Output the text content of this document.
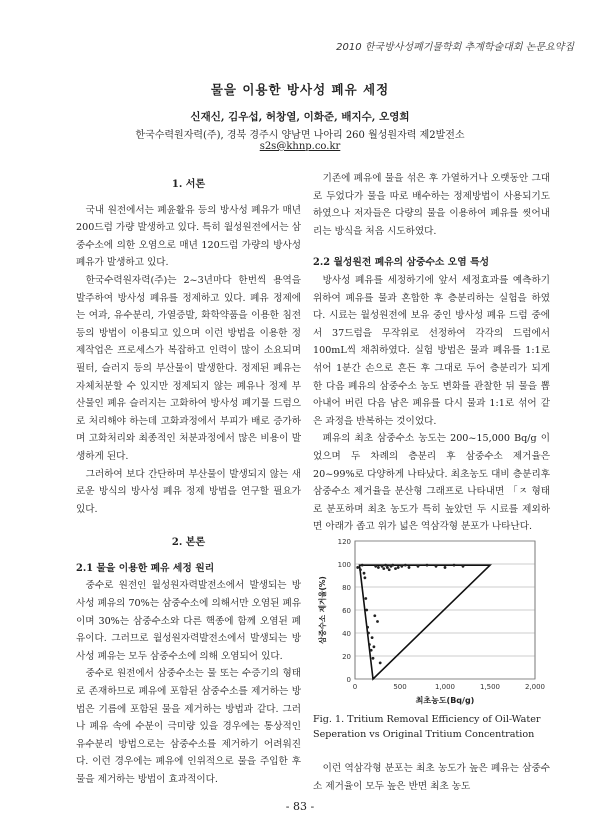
2010 한국방사성폐기물학회 추계학술대회 논문요약집
물을 이용한 방사성 폐유 세정
신재신, 김우섭, 허창열, 이화준, 배지수, 오영희
한국수력원자력(주), 경북 경주시 양남면 나아리 260 월성원자력 제2발전소
s2s@khnp.co.kr
1. 서론

국내 원전에서는 폐윤활유 등의 방사성 폐유가 매년 200드럼 가량 발생하고 있다. 특히 월성원전에서는 삼중수소에 의한 오염으로 매년 120드럼 가량의 방사성 폐유가 발생하고 있다.

한국수력원자력(주)는 2~3년마다 한번씩 용역을 발주하여 방사성 폐유를 정제하고 있다. 폐유 정제에는 여과, 유수분리, 가열증발, 화학약품을 이용한 침전 등의 방법이 이용되고 있으며 이런 방법을 이용한 정제작업은 프로세스가 복잡하고 인력이 많이 소요되며 필터, 슬러지 등의 부산물이 발생한다. 정제된 폐유는 자체처분할 수 있지만 정제되지 않는 폐유나 정제 부산물인 폐유 슬러지는 고화하여 방사성 폐기물 드럼으로 처리해야 하는데 고화과정에서 부피가 배로 증가하며 고화처리와 최종적인 처분과정에서 많은 비용이 발생하게 된다.

그러하여 보다 간단하며 부산물이 발생되지 않는 새로운 방식의 방사성 폐유 정제 방법을 연구할 필요가 있다.

2. 본론
2.1 물을 이용한 폐유 세정 원리

중수로 원전인 월성원자력발전소에서 발생되는 방사성 폐유의 70%는 삼중수소에 의해서만 오염된 폐유이며 30%는 삼중수소와 다른 핵종에 함께 오염된 폐유이다. 그러므로 월성원자력발전소에서 발생되는 방사성 폐유는 모두 삼중수소에 의해 오염되어 있다.

중수로 원전에서 삼중수소는 물 또는 수증기의 형태로 존재하므로 폐유에 포함된 삼중수소를 제거하는 방법은 기름에 포함된 물을 제거하는 방법과 같다. 그러나 폐유 속에 수분이 극미량 있을 경우에는 통상적인 유수분리 방법으로는 삼중수소를 제거하기 어려워진다. 이런 경우에는 폐유에 인위적으로 물을 주입한 후 물을 제거하는 방법이 효과적이다.

기존에 폐유에 물을 섞은 후 가열하거나 오랫동안 그대로 두었다가 물을 따로 배수하는 정제방법이 사용되기도 하였으나 저자들은 다량의 물을 이용하여 폐유를 씻어내리는 방식을 처음 시도하였다.

2.2 월성원전 폐유의 삼중수소 오염 특성

방사성 폐유를 세정하기에 앞서 세정효과를 예측하기 위하여 폐유를 물과 혼합한 후 층분리하는 실험을 하였다. 시료는 월성원전에 보유 중인 방사성 폐유 드럼 중에서 37드럼을 무작위로 선정하여 각각의 드럼에서 100mL씩 채취하였다. 실험 방법은 물과 폐유를 1:1로 섞어 1분간 손으로 흔든 후 그대로 두어 층분리가 되게 한 다음 폐유의 삼중수소 농도 변화를 관찰한 뒤 물을 뽑아내어 버린 다음 남은 폐유를 다시 물과 1:1로 섞어 같은 과정을 반복하는 것이었다.

폐유의 최초 삼중수소 농도는 200~15,000 Bq/g 이었으며 두 차례의 층분리 후 삼중수소 제거율은 20~99%로 다양하게 나타났다. 최초농도 대비 층분리후 삼중수소 제거율을 분산형 그래프로 나타내면 「ㅈ 형태로 분포하며 최초 농도가 특히 높았던 두 시료를 제외하면 아래가 좁고 위가 넓은 역삼각형 분포가 나타난다.

0
20
40
60
80
100
120
0	500	1,000	1,500	2,000
최초농도(Bq/g)
삼중수소 제거율(%)
Fig. 1. Tritium Removal Efficiency of Oil-Water
Seperation vs Original Tritium Concentration

이런 역삼각형 분포는 최초 농도가 높은 폐유는 삼중수소 제거율이 모두 높은 반면 최초 농도

- 83 -
